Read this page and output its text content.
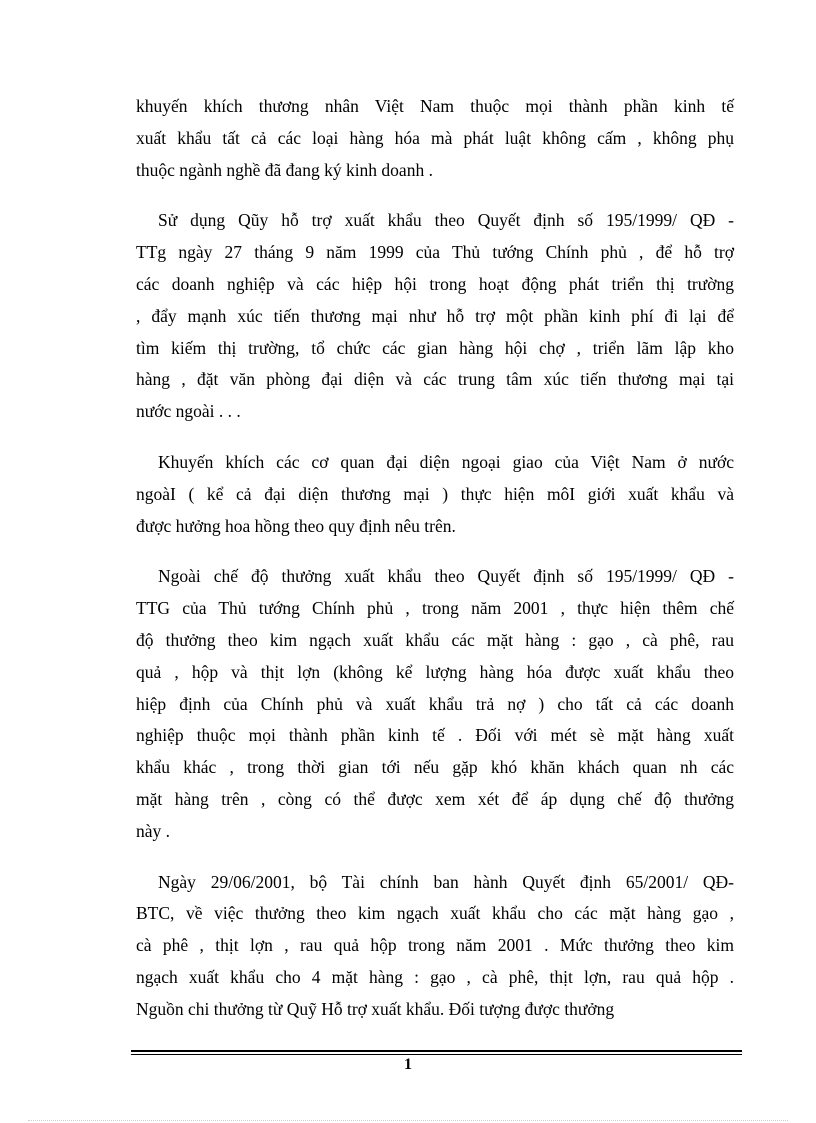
khuyến khích thương nhân Việt Nam thuộc mọi thành phần kinh tế
xuất khẩu tất cả các loại hàng hóa mà phát luật không cấm , không phụ
thuộc ngành nghề đã đang ký kinh doanh .

Sử dụng Qũy hỗ trợ xuất khẩu theo Quyết định số 195/1999/ QĐ -
TTg ngày 27 tháng 9 năm 1999 của Thủ tướng Chính phủ , để hỗ trợ
các doanh nghiệp và các hiệp hội trong hoạt động phát triển thị trường
, đẩy mạnh xúc tiến thương mại như hỗ trợ một phần kinh phí đi lại để
tìm kiếm thị trường, tổ chức các gian hàng hội chợ , triển lãm lập kho
hàng , đặt văn phòng đại diện và các trung tâm xúc tiến thương mại tại
nước ngoài . . .

Khuyến khích các cơ quan đại diện ngoại giao của Việt Nam ở nước
ngoàI ( kể cả đại diện thương mại ) thực hiện môI giới xuất khẩu và
được hưởng hoa hồng theo quy định nêu trên.

Ngoài chế độ thưởng xuất khẩu theo Quyết định số 195/1999/ QĐ -
TTG của Thủ tướng Chính phủ , trong năm 2001 , thực hiện thêm chế
độ thưởng theo kim ngạch xuất khẩu các mặt hàng : gạo , cà phê, rau
quả , hộp và thịt lợn (không kể lượng hàng hóa được xuất khẩu theo
hiệp định của Chính phủ và xuất khẩu trả nợ ) cho tất cả các doanh
nghiệp thuộc mọi thành phần kinh tế . Đối với mét sè mặt hàng xuất
khẩu khác , trong thời gian tới nếu gặp khó khăn khách quan nh các
mặt hàng trên , còng có thể được xem xét để áp dụng chế độ thưởng
này .

Ngày 29/06/2001, bộ Tài chính ban hành Quyết định 65/2001/ QĐ-
BTC, về việc thưởng theo kim ngạch xuất khẩu cho các mặt hàng gạo ,
cà phê , thịt lợn , rau quả hộp trong năm 2001 . Mức thưởng theo kim
ngạch xuất khẩu cho 4 mặt hàng : gạo , cà phê, thịt lợn, rau quả hộp .
Nguồn chi thưởng từ Quỹ Hỗ trợ xuất khẩu. Đối tượng được thưởng

1
